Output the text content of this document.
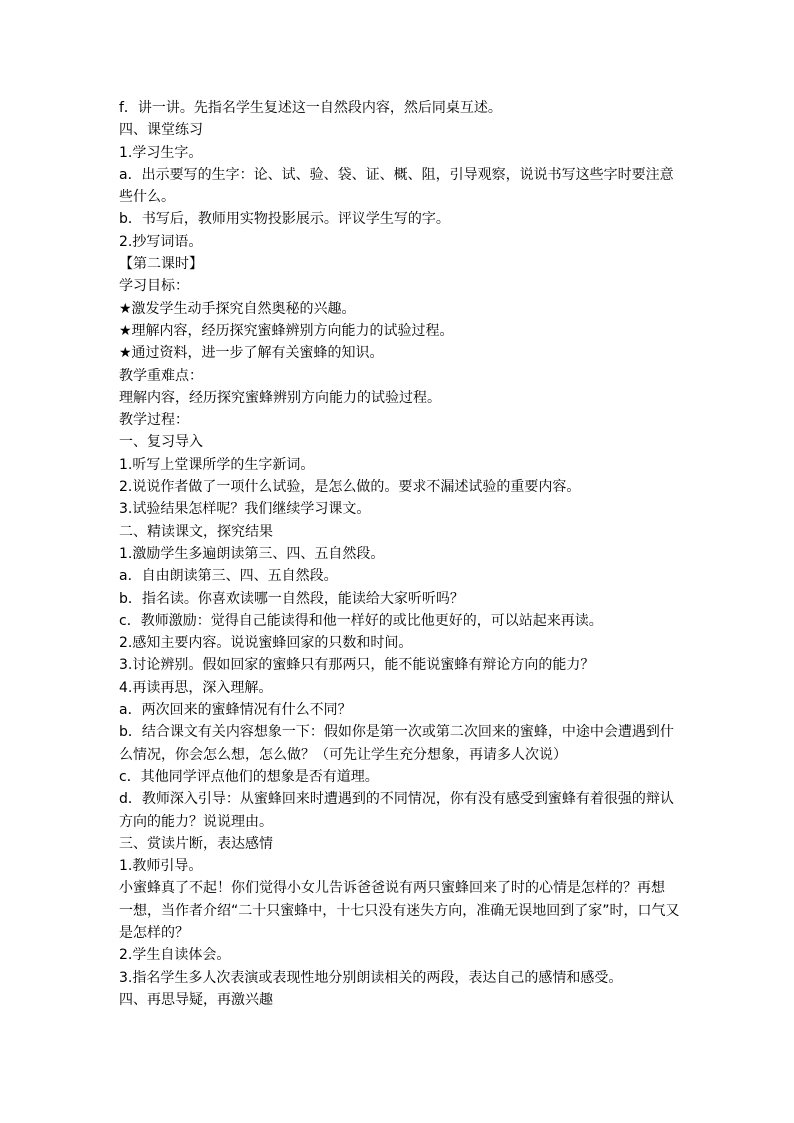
f．讲一讲。先指名学生复述这一自然段内容，然后同桌互述。
四、课堂练习
1.学习生字。
a．出示要写的生字：论、试、验、袋、证、概、阻，引导观察，说说书写这些字时要注意
些什么。
b．书写后，教师用实物投影展示。评议学生写的字。
2.抄写词语。
【第二课时】
学习目标：
★激发学生动手探究自然奥秘的兴趣。
★理解内容，经历探究蜜蜂辨别方向能力的试验过程。
★通过资料，进一步了解有关蜜蜂的知识。
教学重难点：
理解内容，经历探究蜜蜂辨别方向能力的试验过程。
教学过程：
一、复习导入
1.听写上堂课所学的生字新词。
2.说说作者做了一项什么试验，是怎么做的。要求不漏述试验的重要内容。
3.试验结果怎样呢？我们继续学习课文。
二、精读课文，探究结果
1.激励学生多遍朗读第三、四、五自然段。
a．自由朗读第三、四、五自然段。
b．指名读。你喜欢读哪一自然段，能读给大家听听吗？
c．教师激励：觉得自己能读得和他一样好的或比他更好的，可以站起来再读。
2.感知主要内容。说说蜜蜂回家的只数和时间。
3.讨论辨别。假如回家的蜜蜂只有那两只，能不能说蜜蜂有辩论方向的能力？
4.再读再思，深入理解。
a．两次回来的蜜蜂情况有什么不同？
b．结合课文有关内容想象一下：假如你是第一次或第二次回来的蜜蜂，中途中会遭遇到什
么情况，你会怎么想，怎么做？（可先让学生充分想象，再请多人次说）
c．其他同学评点他们的想象是否有道理。
d．教师深入引导：从蜜蜂回来时遭遇到的不同情况，你有没有感受到蜜蜂有着很强的辩认
方向的能力？说说理由。
三、赏读片断，表达感情
1.教师引导。
小蜜蜂真了不起！你们觉得小女儿告诉爸爸说有两只蜜蜂回来了时的心情是怎样的？再想
一想，当作者介绍“二十只蜜蜂中，十七只没有迷失方向，准确无误地回到了家”时，口气又
是怎样的？
2.学生自读体会。
3.指名学生多人次表演或表现性地分别朗读相关的两段，表达自己的感情和感受。
四、再思导疑，再激兴趣
